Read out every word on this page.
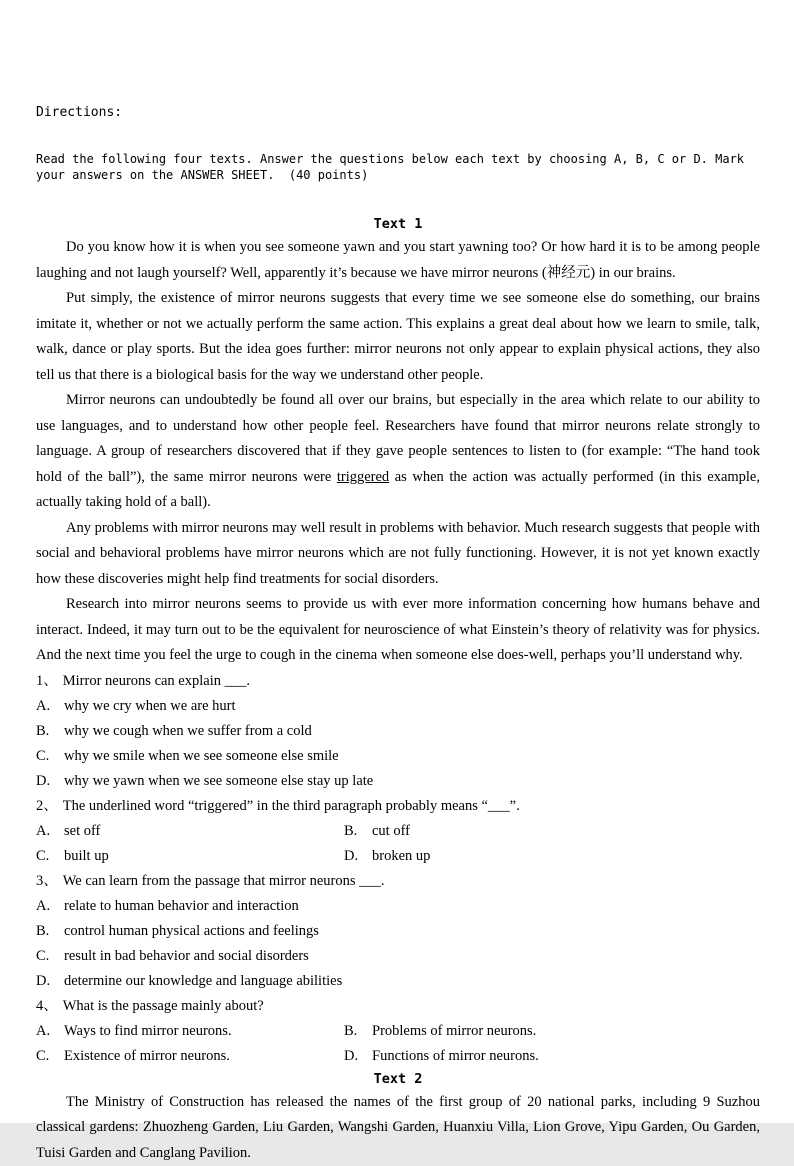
Directions:

Read the following four texts. Answer the questions below each text by choosing A, B, C or D. Mark
your answers on the ANSWER SHEET.  (40 points)

Text 1

Do you know how it is when you see someone yawn and you start yawning too? Or how hard it is to be among people laughing and not laugh yourself? Well, apparently it’s because we have mirror neurons (神经元) in our brains.

Put simply, the existence of mirror neurons suggests that every time we see someone else do something, our brains imitate it, whether or not we actually perform the same action. This explains a great deal about how we learn to smile, talk, walk, dance or play sports. But the idea goes further: mirror neurons not only appear to explain physical actions, they also tell us that there is a biological basis for the way we understand other people.

Mirror neurons can undoubtedly be found all over our brains, but especially in the area which relate to our ability to use languages, and to understand how other people feel. Researchers have found that mirror neurons relate strongly to language. A group of researchers discovered that if they gave people sentences to listen to (for example: “The hand took hold of the ball”), the same mirror neurons were triggered as when the action was actually performed (in this example, actually taking hold of a ball).

Any problems with mirror neurons may well result in problems with behavior. Much research suggests that people with social and behavioral problems have mirror neurons which are not fully functioning. However, it is not yet known exactly how these discoveries might help find treatments for social disorders.

Research into mirror neurons seems to provide us with ever more information concerning how humans behave and interact. Indeed, it may turn out to be the equivalent for neuroscience of what Einstein’s theory of relativity was for physics. And the next time you feel the urge to cough in the cinema when someone else does-well, perhaps you’ll understand why.

1、 Mirror neurons can explain ___.
A. why we cry when we are hurt
B. why we cough when we suffer from a cold
C. why we smile when we see someone else smile
D. why we yawn when we see someone else stay up late
2、 The underlined word “triggered” in the third paragraph probably means “___”.
A. set off	B. cut off
C. built up	D. broken up
3、 We can learn from the passage that mirror neurons ___.
A. relate to human behavior and interaction
B. control human physical actions and feelings
C. result in bad behavior and social disorders
D. determine our knowledge and language abilities
4、 What is the passage mainly about?
A. Ways to find mirror neurons.	B. Problems of mirror neurons.
C. Existence of mirror neurons.	D. Functions of mirror neurons.
Text 2

The Ministry of Construction has released the names of the first group of 20 national parks, including 9 Suzhou classical gardens: Zhuozheng Garden, Liu Garden, Wangshi Garden, Huanxiu Villa, Lion Grove, Yipu Garden, Ou Garden, Tuisi Garden and Canglang Pavilion.
